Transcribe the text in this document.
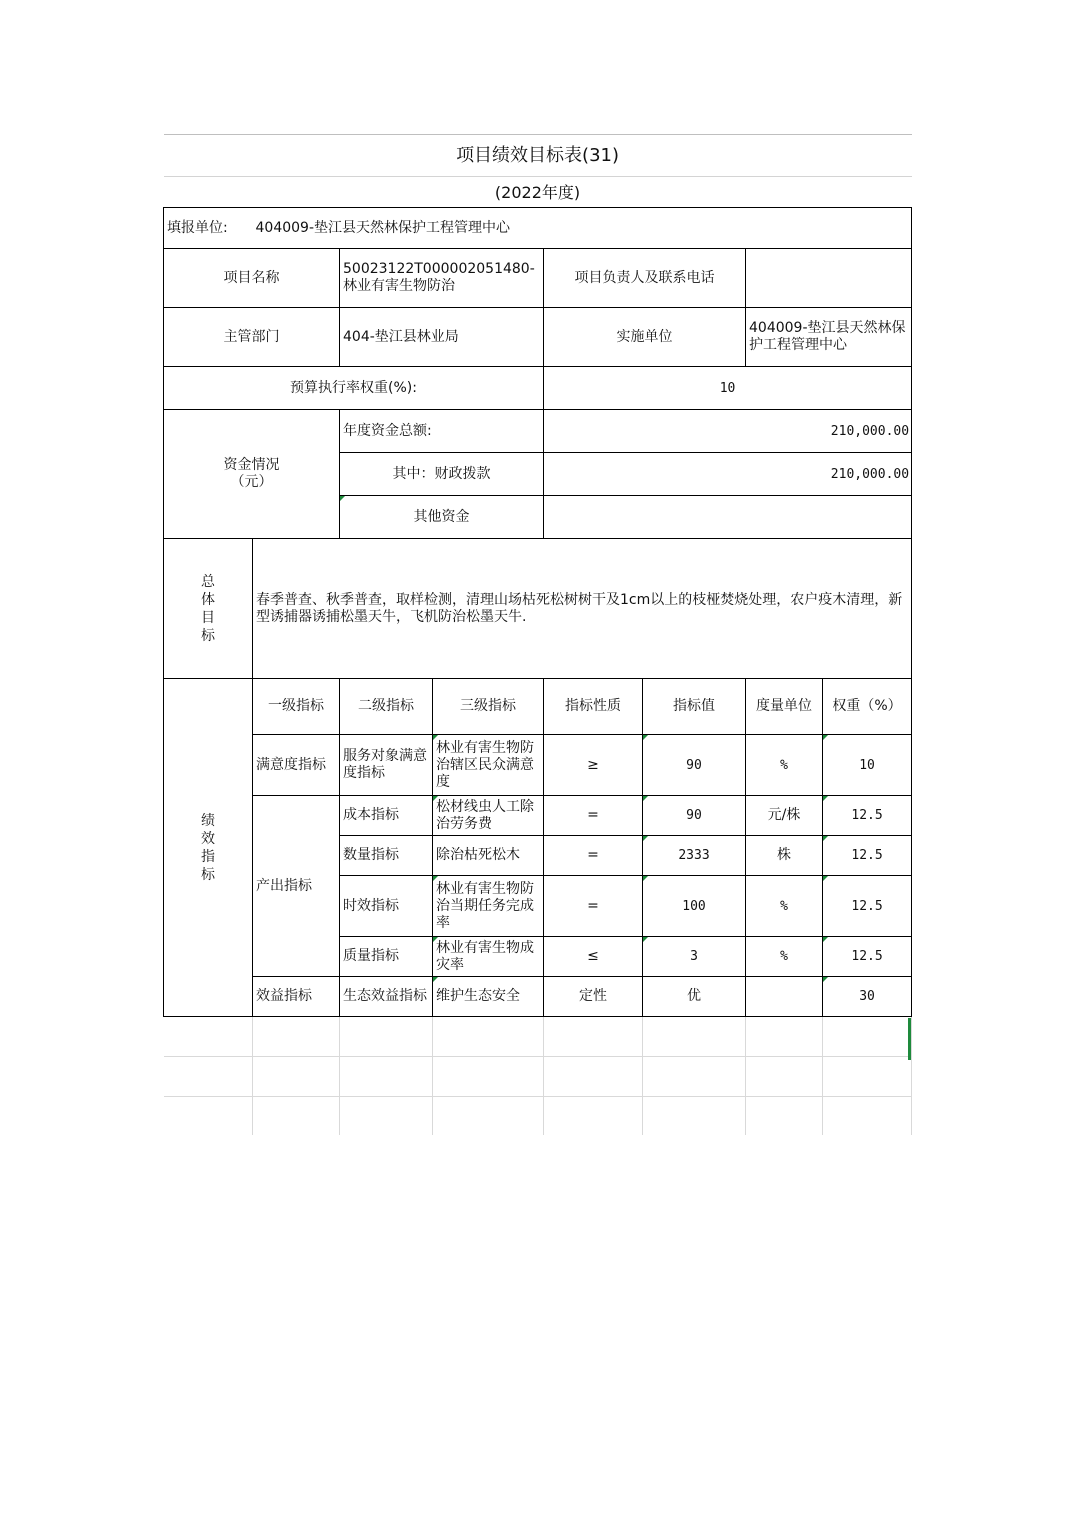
项目绩效目标表(31)							
(2022年度)							
填报单位:	404009-垫江县天然林保护工程管理中心						
项目名称		50023122T000002051480-林业有害生物防治		项目负责人及联系电话			
主管部门		404-垫江县林业局		实施单位		404009-垫江县天然林保护工程管理中心	
预算执行率权重(%):				10			

资金情况
（元）		年度资金总额:		210,000.00			
		其中：财政拨款		210,000.00			
		其他资金					

总
体
目
标	春季普查、秋季普查，取样检测，清理山场枯死松树树干及1cm以上的枝桠焚烧处理，农户疫木清理，新型诱捕器诱捕松墨天牛，飞机防治松墨天牛.						

绩
效
指
标	一级指标	二级指标	三级指标	指标性质	指标值	度量单位	权重（%）
	满意度指标	服务对象满意度指标	林业有害生物防治辖区民众满意度	≥	90	%	10
	产出指标	成本指标	松材线虫人工除治劳务费	=	90	元/株	12.5
		数量指标	除治枯死松木	=	2333	株	12.5
		时效指标	林业有害生物防治当期任务完成率	=	100	%	12.5
		质量指标	林业有害生物成灾率	≤	3	%	12.5
	效益指标	生态效益指标	维护生态安全	定性	优		30
